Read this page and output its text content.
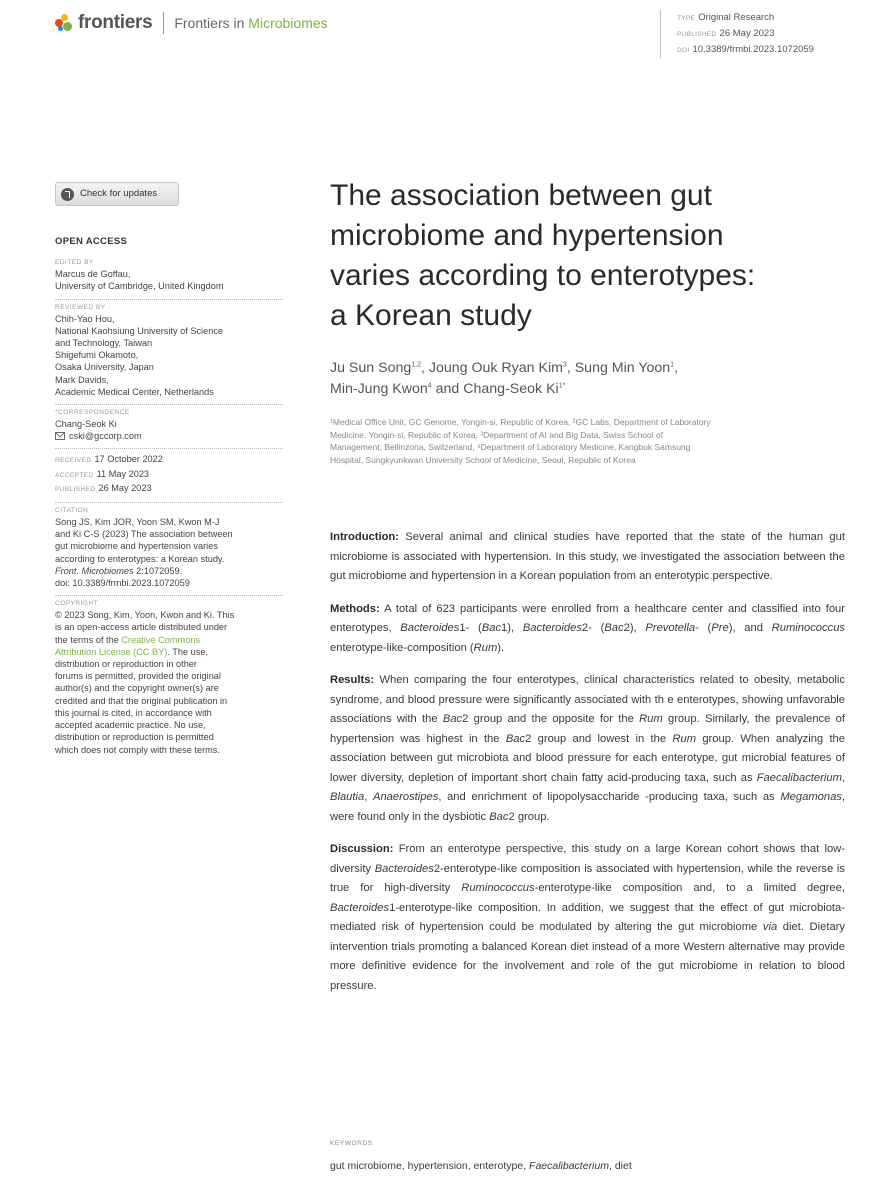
frontiers Frontiers in Microbiomes	TYPE Original Research
PUBLISHED 26 May 2023
DOI 10.3389/frmbi.2023.1072059
Check for updates
OPEN ACCESS
EDITED BY
Marcus de Goffau,
University of Cambridge, United Kingdom
REVIEWED BY
Chih-Yao Hou,
National Kaohsiung University of Science
and Technology, Taiwan
Shigefumi Okamoto,
Osaka University, Japan
Mark Davids,
Academic Medical Center, Netherlands
*CORRESPONDENCE
Chang-Seok Ki
cski@gccorp.com
RECEIVED 17 October 2022
ACCEPTED 11 May 2023
PUBLISHED 26 May 2023
CITATION
Song JS, Kim JOR, Yoon SM, Kwon M-J
and Ki C-S (2023) The association between
gut microbiome and hypertension varies
according to enterotypes: a Korean study.
Front. Microbiomes 2:1072059.
doi: 10.3389/frmbi.2023.1072059
COPYRIGHT
© 2023 Song, Kim, Yoon, Kwon and Ki. This
is an open-access article distributed under
the terms of the Creative Commons
Attribution License (CC BY). The use,
distribution or reproduction in other
forums is permitted, provided the original
author(s) and the copyright owner(s) are
credited and that the original publication in
this journal is cited, in accordance with
accepted academic practice. No use,
distribution or reproduction is permitted
which does not comply with these terms.
The association between gut
microbiome and hypertension
varies according to enterotypes:
a Korean study
Ju Sun Song$^{1,2}$, Joung Ouk Ryan Kim$^3$, Sung Min Yoon$^1$,
Min-Jung Kwon$^4$ and Chang-Seok $Ki^{1*}$
¹Medical Office Unit, GC Genome, Yongin-si, Republic of Korea, ²GC Labs, Department of Laboratory
Medicine, Yongin-si, Republic of Korea, ³Department of AI and Big Data, Swiss School of
Management, Bellinzona, Switzerland, ⁴Department of Laboratory Medicine, Kangbuk Samsung
Hospital, Sungkyunkwan University School of Medicine, Seoul, Republic of Korea

Introduction: Several animal and clinical studies have reported that the state of the human gut microbiome is associated with hypertension. In this study, we investigated the association between the gut microbiome and hypertension in a Korean population from an enterotypic perspective.

Methods: A total of 623 participants were enrolled from a healthcare center and classified into four enterotypes, Bacteroides1- (Bac1), Bacteroides2- (Bac2), Prevotella- (Pre), and Ruminococcus enterotype-like-composition (Rum).

Results: When comparing the four enterotypes, clinical characteristics related to obesity, metabolic syndrome, and blood pressure were significantly associated with th e enterotypes, showing unfavorable associations with the Bac2 group and the opposite for the Rum group. Similarly, the prevalence of hypertension was highest in the Bac2 group and lowest in the Rum group. When analyzing the association between gut microbiota and blood pressure for each enterotype, gut microbial features of lower diversity, depletion of important short chain fatty acid-producing taxa, such as Faecalibacterium, Blautia, Anaerostipes, and enrichment of lipopolysaccharide -producing taxa, such as Megamonas, were found only in the dysbiotic Bac2 group.

Discussion: From an enterotype perspective, this study on a large Korean cohort shows that low-diversity Bacteroides2-enterotype-like composition is associated with hypertension, while the reverse is true for high-diversity Ruminococcus-enterotype-like composition and, to a limited degree, Bacteroides1-enterotype-like composition. In addition, we suggest that the effect of gut microbiota-mediated risk of hypertension could be modulated by altering the gut microbiome via diet. Dietary intervention trials promoting a balanced Korean diet instead of a more Western alternative may provide more definitive evidence for the involvement and role of the gut microbiome in relation to blood pressure.

KEYWORDS
gut microbiome, hypertension, enterotype, Faecalibacterium, diet
